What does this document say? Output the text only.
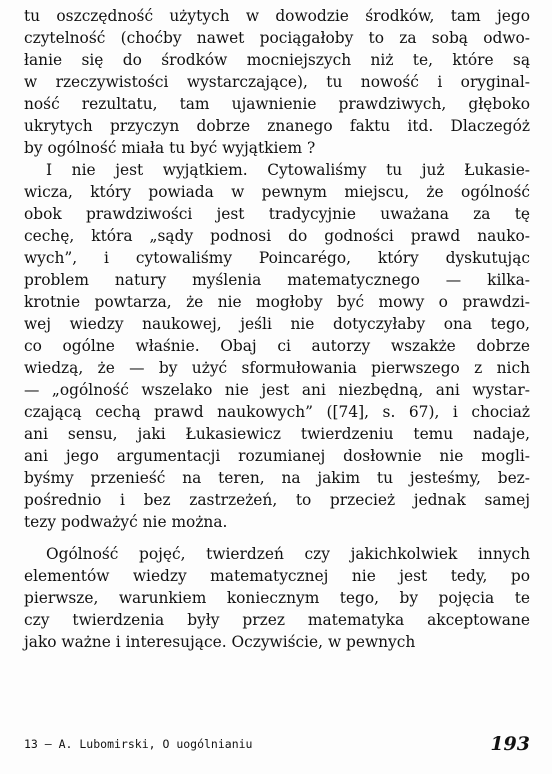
tu oszczędność użytych w dowodzie środków, tam jego
czytelność (choćby nawet pociągałoby to za sobą odwo-
łanie się do środków mocniejszych niż te, które są
w rzeczywistości wystarczające), tu nowość i oryginal-
ność rezultatu, tam ujawnienie prawdziwych, głęboko
ukrytych przyczyn dobrze znanego faktu itd. Dlaczegóż
by ogólność miała tu być wyjątkiem ?
I nie jest wyjątkiem. Cytowaliśmy tu już Łukasie-
wicza, który powiada w pewnym miejscu, że ogólność
obok prawdziwości jest tradycyjnie uważana za tę
cechę, która „sądy podnosi do godności prawd nauko-
wych”, i cytowaliśmy Poincarégo, który dyskutując
problem natury myślenia matematycznego — kilka-
krotnie powtarza, że nie mogłoby być mowy o prawdzi-
wej wiedzy naukowej, jeśli nie dotyczyłaby ona tego,
co ogólne właśnie. Obaj ci autorzy wszakże dobrze
wiedzą, że — by użyć sformułowania pierwszego z nich
— „ogólność wszelako nie jest ani niezbędną, ani wystar-
czającą cechą prawd naukowych” ([74], s. 67), i chociaż
ani sensu, jaki Łukasiewicz twierdzeniu temu nadaje,
ani jego argumentacji rozumianej dosłownie nie mogli-
byśmy przenieść na teren, na jakim tu jesteśmy, bez-
pośrednio i bez zastrzeżeń, to przecież jednak samej
tezy podważyć nie można.
Ogólność pojęć, twierdzeń czy jakichkolwiek innych
elementów wiedzy matematycznej nie jest tedy, po
pierwsze, warunkiem koniecznym tego, by pojęcia te
czy twierdzenia były przez matematyka akceptowane
jako ważne i interesujące. Oczywiście, w pewnych
13 — A. Lubomirski, O uogólnianiu	193
